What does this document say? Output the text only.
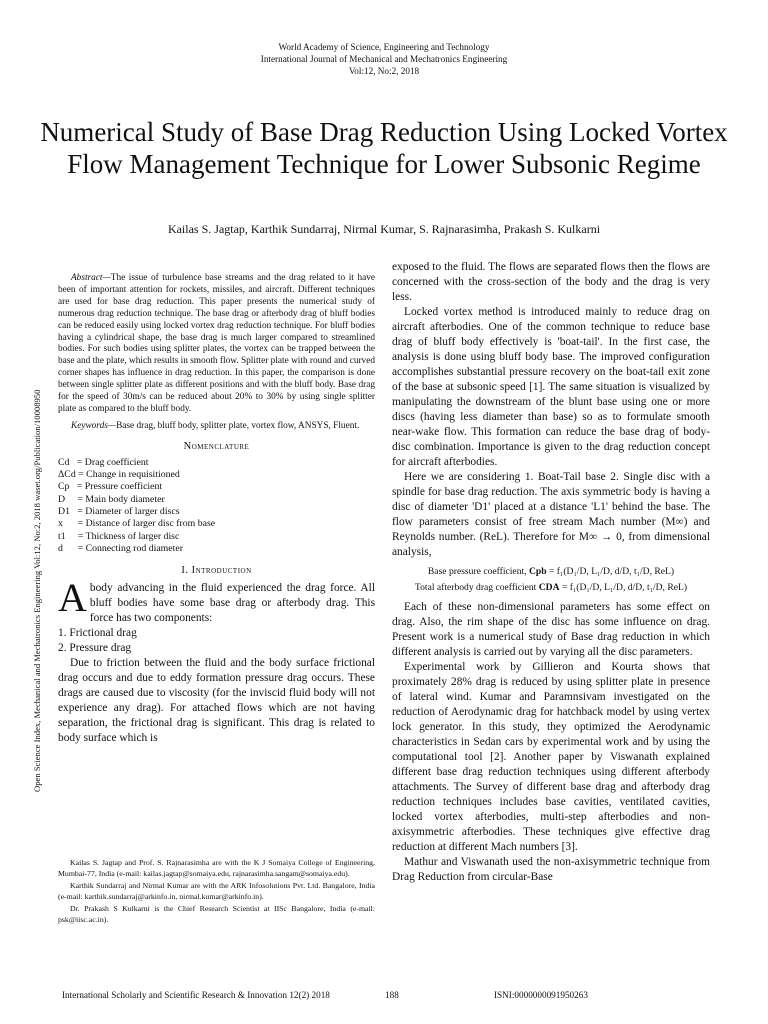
World Academy of Science, Engineering and Technology
International Journal of Mechanical and Mechatronics Engineering
Vol:12, No:2, 2018
Numerical Study of Base Drag Reduction Using Locked Vortex Flow Management Technique for Lower Subsonic Regime
Kailas S. Jagtap, Karthik Sundarraj, Nirmal Kumar, S. Rajnarasimha, Prakash S. Kulkarni
Open Science Index, Mechanical and Mechatronics Engineering Vol:12, No:2, 2018 waset.org/Publication/10008950

Abstract—The issue of turbulence base streams and the drag related to it have been of important attention for rockets, missiles, and aircraft. Different techniques are used for base drag reduction. This paper presents the numerical study of numerous drag reduction technique. The base drag or afterbody drag of bluff bodies can be reduced easily using locked vortex drag reduction technique. For bluff bodies having a cylindrical shape, the base drag is much larger compared to streamlined bodies. For such bodies using splitter plates, the vortex can be trapped between the base and the plate, which results in smooth flow. Splitter plate with round and curved corner shapes has influence in drag reduction. In this paper, the comparison is done between single splitter plate as different positions and with the bluff body. Base drag for the speed of 30m/s can be reduced about 20% to 30% by using single splitter plate as compared to the bluff body.

Keywords—Base drag, bluff body, splitter plate, vortex flow, ANSYS, Fluent.

Nomenclature
Cd   = Drag coefficient
ΔCd = Change in requisitioned
Cp   = Pressure coefficient
D     = Main body diameter
D1   = Diameter of larger discs
x      = Distance of larger disc from base
t1     = Thickness of larger disc
d      = Connecting rod diameter
I. Introduction

Abody advancing in the fluid experienced the drag force. All bluff bodies have some base drag or afterbody drag. This force has two components:

1. Frictional drag
2. Pressure drag

Due to friction between the fluid and the body surface frictional drag occurs and due to eddy formation pressure drag occurs. These drags are caused due to viscosity (for the inviscid fluid body will not experience any drag). For attached flows which are not having separation, the frictional drag is significant. This drag is related to body surface which is

Kailas S. Jagtap and Prof. S. Rajnarasimha are with the K J Somaiya College of Engineering, Mumbai-77, India (e-mail: kailas.jagtap@somaiya.edu, rajnarasimha.sangam@somaiya.edu).

Karthik Sundarraj and Nirmal Kumar are with the ARK Infosolutions Pvt. Ltd. Bangalore, India (e-mail: karthik.sundarraj@arkinfo.in, nirmal.kumar@arkinfo.in).

Dr. Prakash S Kulkarni is the Chief Research Scientist at IISc Bangalore, India (e-mail: psk@iisc.ac.in).

exposed to the fluid. The flows are separated flows then the flows are concerned with the cross-section of the body and the drag is very less.

Locked vortex method is introduced mainly to reduce drag on aircraft afterbodies. One of the common technique to reduce base drag of bluff body effectively is 'boat-tail'. In the first case, the analysis is done using bluff body base. The improved configuration accomplishes substantial pressure recovery on the boat-tail exit zone of the base at subsonic speed [1]. The same situation is visualized by manipulating the downstream of the blunt base using one or more discs (having less diameter than base) so as to formulate smooth near-wake flow. This formation can reduce the base drag of body- disc combination. Importance is given to the drag reduction concept for aircraft afterbodies.

Here we are considering 1. Boat-Tail base 2. Single disc with a spindle for base drag reduction. The axis symmetric body is having a disc of diameter 'D1' placed at a distance 'L1' behind the base. The flow parameters consist of free stream Mach number (M∞) and Reynolds number. (ReL). Therefore for M∞ → 0, from dimensional analysis,

Base pressure coefficient, Cpb = f₁(D₁/D, L₁/D, d/D, t₁/D, ReL)
Total afterbody drag coefficient CDA = f₁(D₁/D, L₁/D, d/D, t₁/D, ReL)

Each of these non-dimensional parameters has some effect on drag. Also, the rim shape of the disc has some influence on drag. Present work is a numerical study of Base drag reduction in which different analysis is carried out by varying all the disc parameters.

Experimental work by Gillieron and Kourta shows that proximately 28% drag is reduced by using splitter plate in presence of lateral wind. Kumar and Paramnsivam investigated on the reduction of Aerodynamic drag for hatchback model by using vertex lock generator. In this study, they optimized the Aerodynamic characteristics in Sedan cars by experimental work and by using the computational tool [2]. Another paper by Viswanath explained different base drag reduction techniques using different afterbody attachments. The Survey of different base drag and afterbody drag reduction techniques includes base cavities, ventilated cavities, locked vortex afterbodies, multi-step afterbodies and non-axisymmetric afterbodies. These techniques give effective drag reduction at different Mach numbers [3].

Mathur and Viswanath used the non-axisymmetric technique from Drag Reduction from circular-Base

International Scholarly and Scientific Research & Innovation 12(2) 2018	188	ISNI:0000000091950263
